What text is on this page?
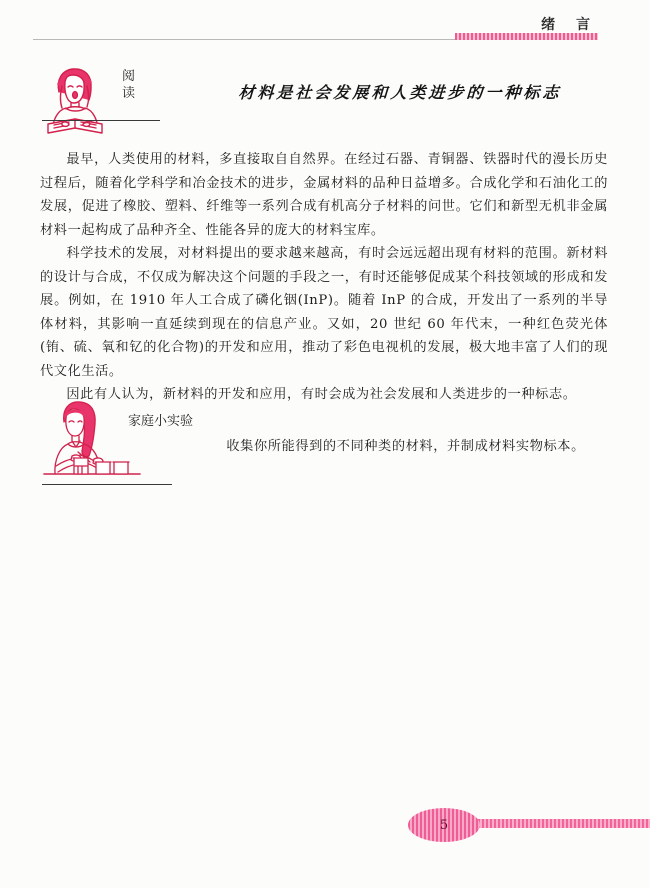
绪 言
阅读	材料是社会发展和人类进步的一种标志

最早，人类使用的材料，多直接取自自然界。在经过石器、青铜器、铁器时代的漫长历史过程后，随着化学科学和冶金技术的进步，金属材料的品种日益增多。合成化学和石油化工的发展，促进了橡胶、塑料、纤维等一系列合成有机高分子材料的问世。它们和新型无机非金属材料一起构成了品种齐全、性能各异的庞大的材料宝库。

科学技术的发展，对材料提出的要求越来越高，有时会远远超出现有材料的范围。新材料的设计与合成，不仅成为解决这个问题的手段之一，有时还能够促成某个科技领域的形成和发展。例如，在 1910 年人工合成了磷化铟(InP)。随着 InP 的合成，开发出了一系列的半导体材料，其影响一直延续到现在的信息产业。又如，20 世纪 60 年代末，一种红色荧光体(铕、硫、氧和钇的化合物)的开发和应用，推动了彩色电视机的发展，极大地丰富了人们的现代文化生活。

因此有人认为，新材料的开发和应用，有时会成为社会发展和人类进步的一种标志。

家庭小实验
收集你所能得到的不同种类的材料，并制成材料实物标本。
5
